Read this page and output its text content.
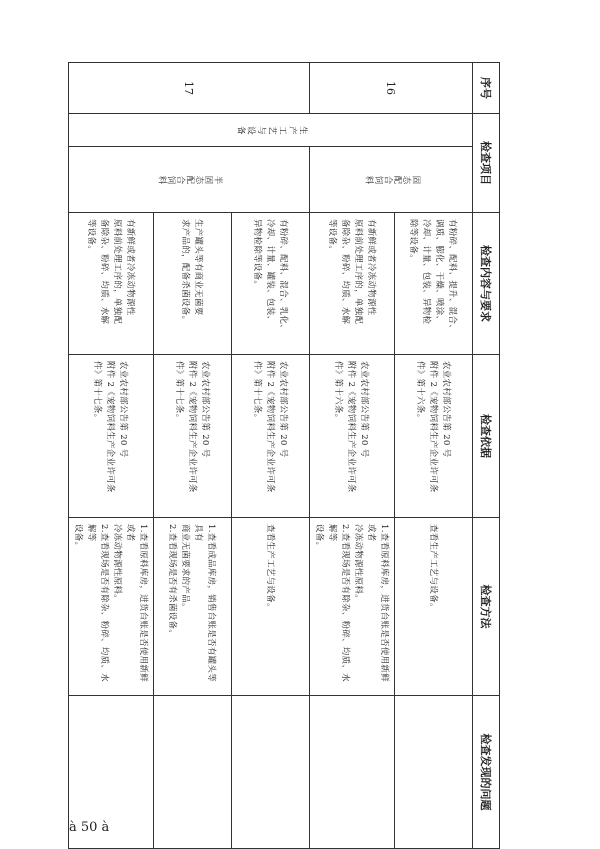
序号	检查项目		检查内容与要求	检查依据	检查方法	检查发现的问题
16	生产工艺与设备	固态配合饲料	有粉碎、配料、提升、混合、
调质、膨化、干燥、喷涂、
冷却、计量、包装、异物检
除等设备。	农业农村部公告第 20 号
附件 2《宠物饲料生产企业许可条
件》第十六条。	查看生产工艺与设备。	

			有新鲜或者冷冻动物源性
原料前处理工序的，单独配
备除杂、粉碎、均质、水解
等设备。	农业农村部公告第 20 号
附件 2《宠物饲料生产企业许可条
件》第十六条。	1.查看原料库房，进货台账是否使用新鲜或者
冷冻动物源性原料。
2.查看现场是否有除杂、粉碎、均质、水解等
设备。	

17		半固态配合饲料	有粉碎、配料、混合、乳化、
冷却、计量、罐装、包装、
异物检除等设备。	农业农村部公告第 20 号
附件 2《宠物饲料生产企业许可条
件》第十七条。	查看生产工艺与设备。	

			生产罐头等有商业无菌要
求产品的，配备杀菌设备。	农业农村部公告第 20 号
附件 2《宠物饲料生产企业许可条
件》第十七条。	1.查看成品库房，销售台账是否有罐头等具有
商业无菌要求的产品。
2.查看现场是否有杀菌设备。	

			有新鲜或者冷冻动物源性
原料前处理工序的，单独配
备除杂、粉碎、均质、水解
等设备。	农业农村部公告第 20 号
附件 2《宠物饲料生产企业许可条
件》第十七条。	1.查看原料库房，进货台账是否使用新鲜或者
冷冻动物源性原料。
2.查看现场是否有除杂、粉碎、均质、水解等
设备。	

à 50 à
